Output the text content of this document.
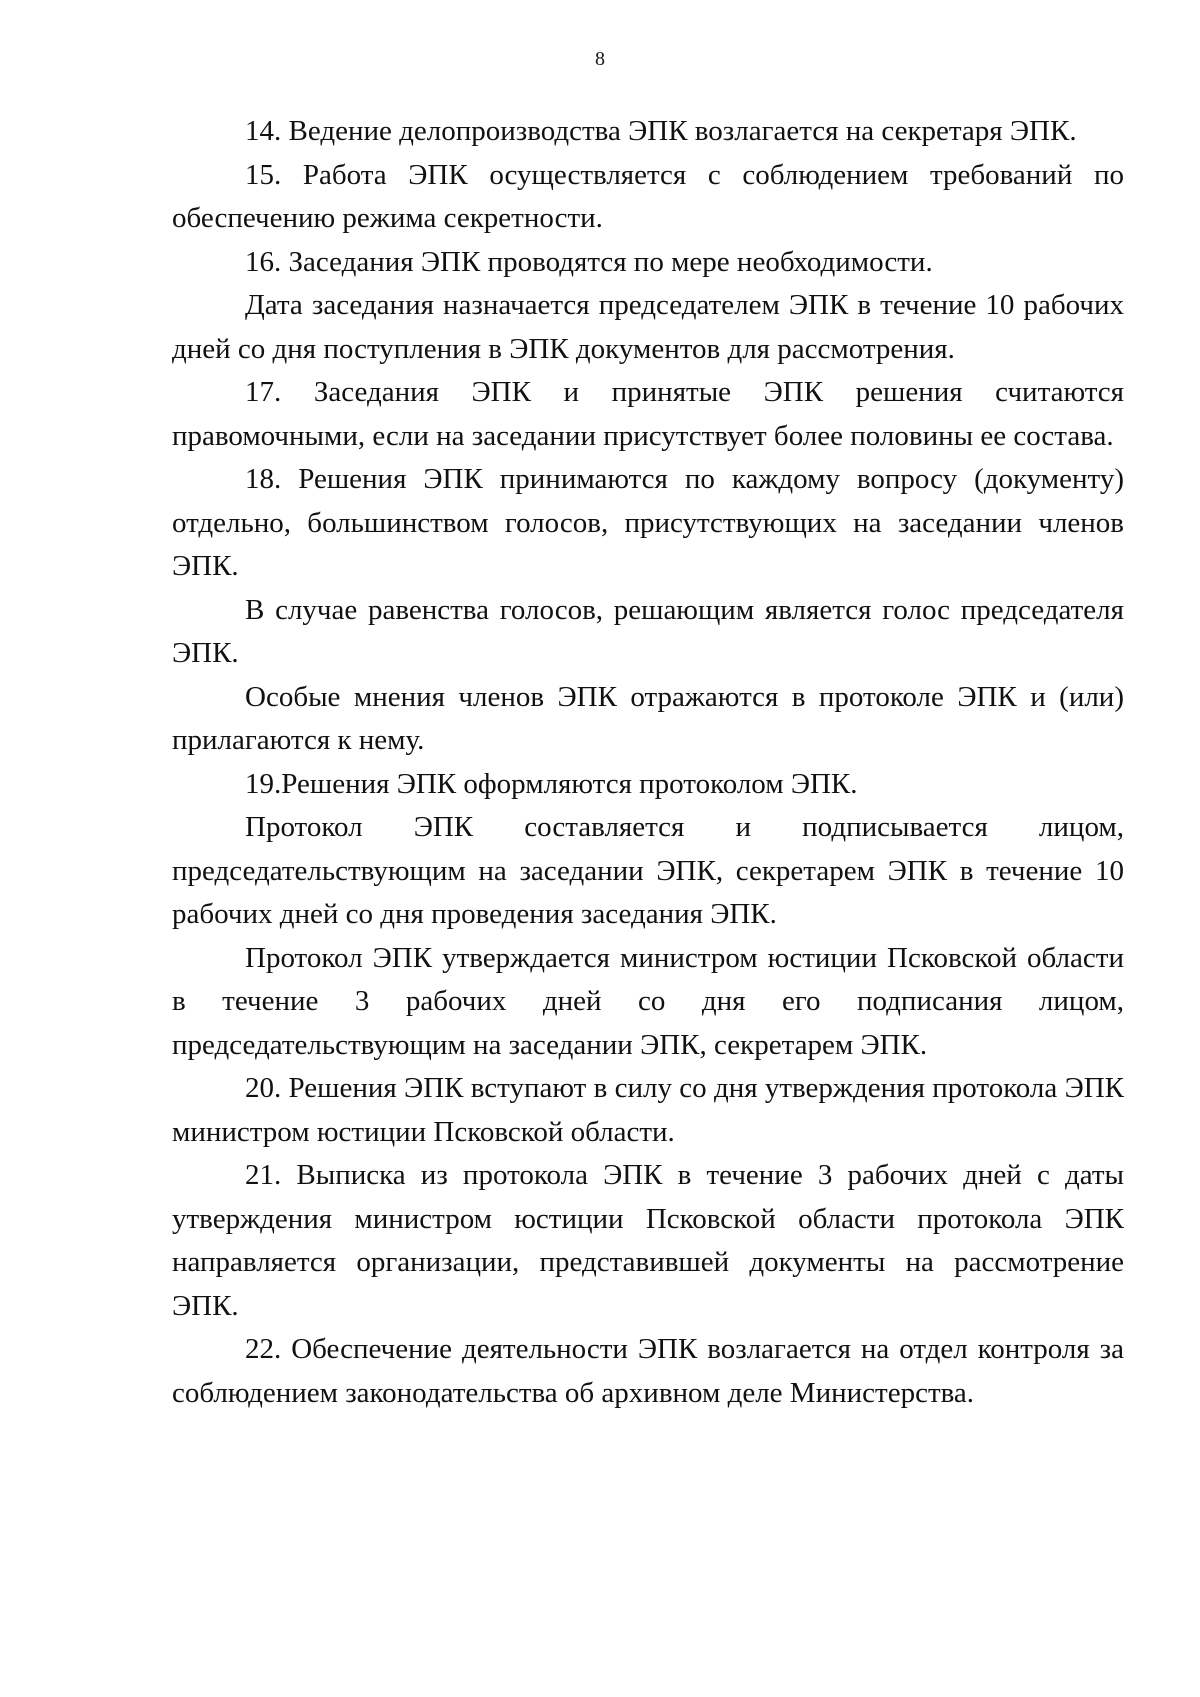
8

14. Ведение делопроизводства ЭПК возлагается на секретаря ЭПК.

15. Работа ЭПК осуществляется с соблюдением требований по обеспечению режима секретности.

16. Заседания ЭПК проводятся по мере необходимости.

Дата заседания назначается председателем ЭПК в течение 10 рабочих дней со дня поступления в ЭПК документов для рассмотрения.

17. Заседания ЭПК и принятые ЭПК решения считаются правомочными, если на заседании присутствует более половины ее состава.

18. Решения ЭПК принимаются по каждому вопросу (документу) отдельно, большинством голосов, присутствующих на заседании членов ЭПК.

В случае равенства голосов, решающим является голос председателя ЭПК.

Особые мнения членов ЭПК отражаются в протоколе ЭПК и (или) прилагаются к нему.

19.Решения ЭПК оформляются протоколом ЭПК.

Протокол ЭПК составляется и подписывается лицом, председательствующим на заседании ЭПК, секретарем ЭПК в течение 10 рабочих дней со дня проведения заседания ЭПК.

Протокол ЭПК утверждается министром юстиции Псковской области в течение 3 рабочих дней со дня его подписания лицом, председательствующим на заседании ЭПК, секретарем ЭПК.

20. Решения ЭПК вступают в силу со дня утверждения протокола ЭПК министром юстиции Псковской области.

21. Выписка из протокола ЭПК в течение 3 рабочих дней с даты утверждения министром юстиции Псковской области протокола ЭПК направляется организации, представившей документы на рассмотрение ЭПК.

22. Обеспечение деятельности ЭПК возлагается на отдел контроля за соблюдением законодательства об архивном деле Министерства.
